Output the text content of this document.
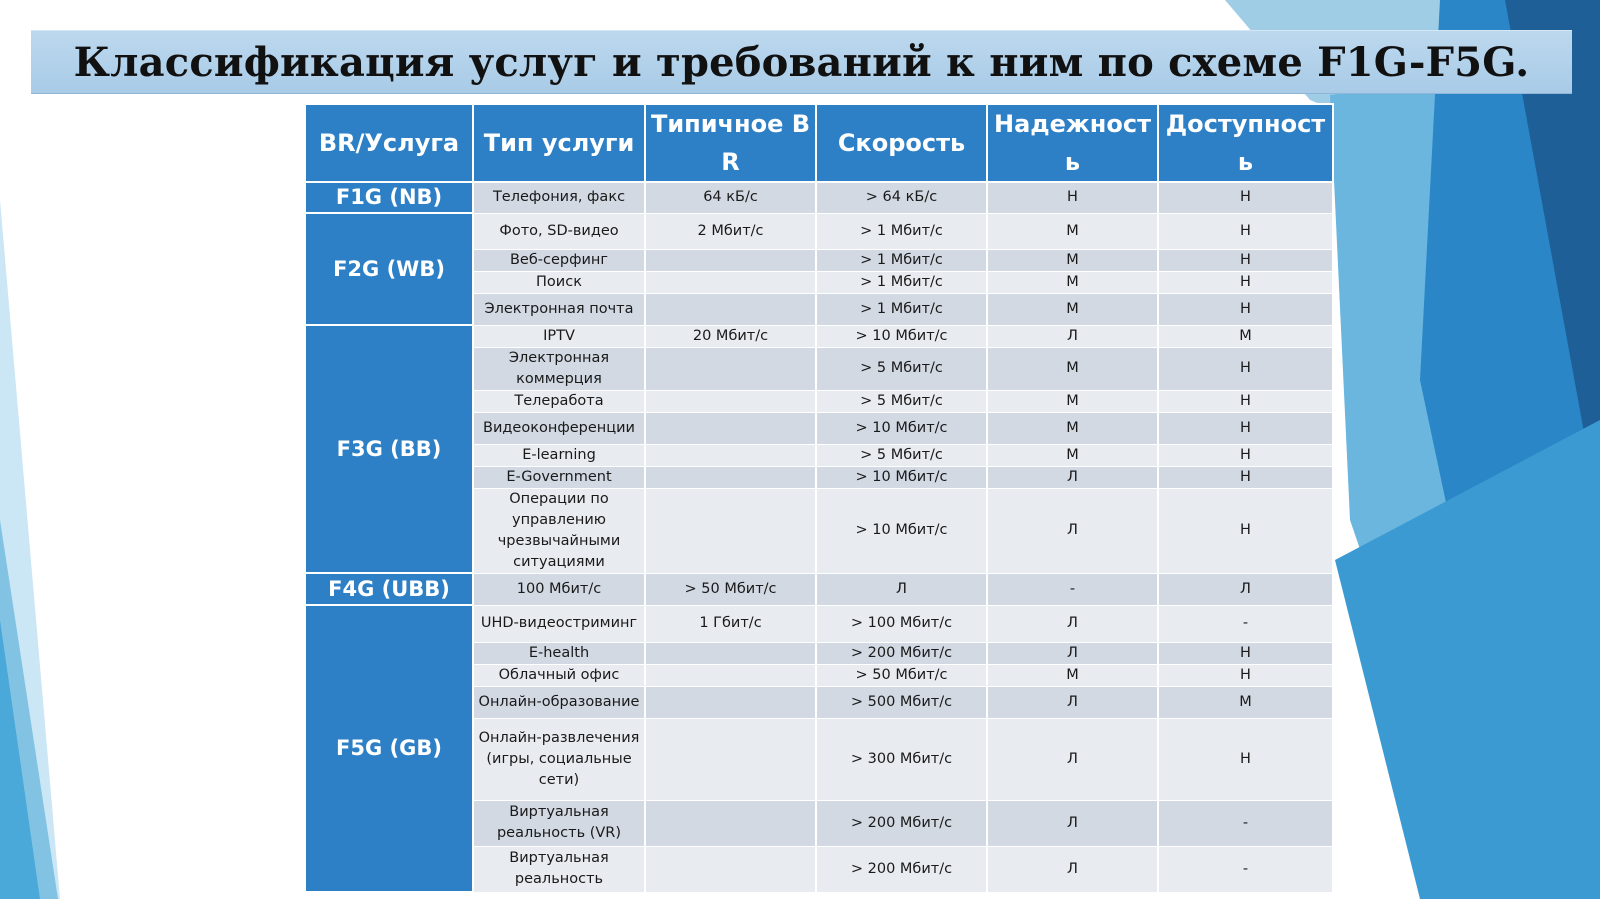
Классификация услуг и требований к ним по схеме F1G-F5G.
BR/Услуга	Тип услуги	Типичное BR	Скорость	Надежность	Доступность
F1G (NB)	Телефония, факс	64 кБ/с	> 64 кБ/с	Н	Н
F2G (WB)	Фото, SD-видео	2 Мбит/с	> 1 Мбит/с	М	Н
	Веб-серфинг		> 1 Мбит/с	М	Н
	Поиск		> 1 Мбит/с	М	Н
	Электронная почта		> 1 Мбит/с	М	Н
F3G (BB)	IPTV	20 Мбит/с	> 10 Мбит/с	Л	М
	Электронная коммерция		> 5 Мбит/с	М	Н
	Телеработа		> 5 Мбит/с	М	Н
	Видеоконференции		> 10 Мбит/с	М	Н
	E-learning		> 5 Мбит/с	М	Н
	E-Government		> 10 Мбит/с	Л	Н
	Операции по управлению чрезвычайными ситуациями		> 10 Мбит/с	Л	Н
F4G (UBB)	100 Мбит/с	> 50 Мбит/с	Л	-	Л
F5G (GB)	UHD-видеостриминг	1 Гбит/с	> 100 Мбит/с	Л	-
	E-health		> 200 Мбит/с	Л	Н
	Облачный офис		> 50 Мбит/с	М	Н
	Онлайн-образование		> 500 Мбит/с	Л	М
	Онлайн-развлечения (игры, социальные сети)		> 300 Мбит/с	Л	Н
	Виртуальная реальность (VR)		> 200 Мбит/с	Л	-
	Виртуальная реальность		> 200 Мбит/с	Л	-
